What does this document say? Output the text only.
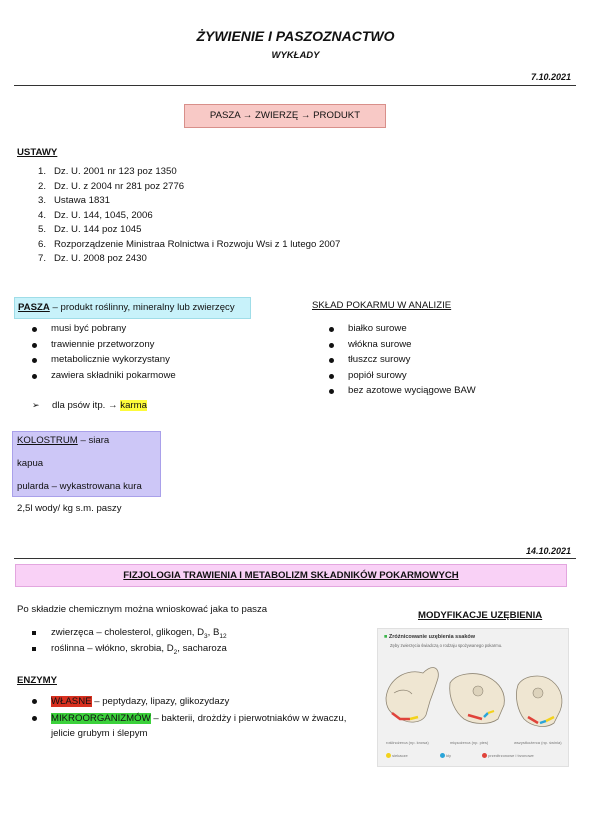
ŻYWIENIE I PASZOZNACTWO
WYKŁADY
7.10.2021
PASZA → ZWIERZĘ → PRODUKT
USTAWY
1. Dz. U. 2001 nr 123 poz 1350
2. Dz. U. z 2004 nr 281 poz 2776
3. Ustawa 1831
4. Dz. U. 144, 1045, 2006
5. Dz. U. 144 poz 1045
6. Rozporządzenie Ministraa Rolnictwa i Rozwoju Wsi z 1 lutego 2007
7. Dz. U. 2008 poz 2430
PASZA – produkt roślinny, mineralny lub zwierzęcy
musi być pobrany
trawiennie przetworzony
metabolicznie wykorzystany
zawiera składniki pokarmowe
➢ dla psów itp. → karma
SKŁAD POKARMU W ANALIZIE
białko surowe
włókna surowe
tłuszcz surowy
popiół surowy
bez azotowe wyciągowe BAW
KOLOSTRUM – siara
kapua
pularda – wykastrowana kura
2,5l wody/ kg s.m. paszy
14.10.2021
FIZJOLOGIA TRAWIENIA I METABOLIZM SKŁADNIKÓW POKARMOWYCH
Po składzie chemicznym można wnioskować jaka to pasza
zwierzęca – cholesterol, glikogen, $D_3$, $B_{12}$
roślinna – włókno, skrobia, $D_2$, sacharoza
ENZYMY
WŁASNE – peptydazy, lipazy, glikozydazy
MIKROORGANIZMÓW – bakterii, drożdży i pierwotniaków w żwaczu, jelicie grubym i ślepym
MODYFIKACJE UZĘBIENIA
■ Zróżnicowanie uzębienia ssaków
Zęby zwierzęcia świadczą o rodzaju spożywanego pokarmu.
roślinożerca (np. krowa)	mięsożerca (np. pies)	wszystkożerca (np. świnia)
siekacze	kły	przedtrzonowe i trzonowe
